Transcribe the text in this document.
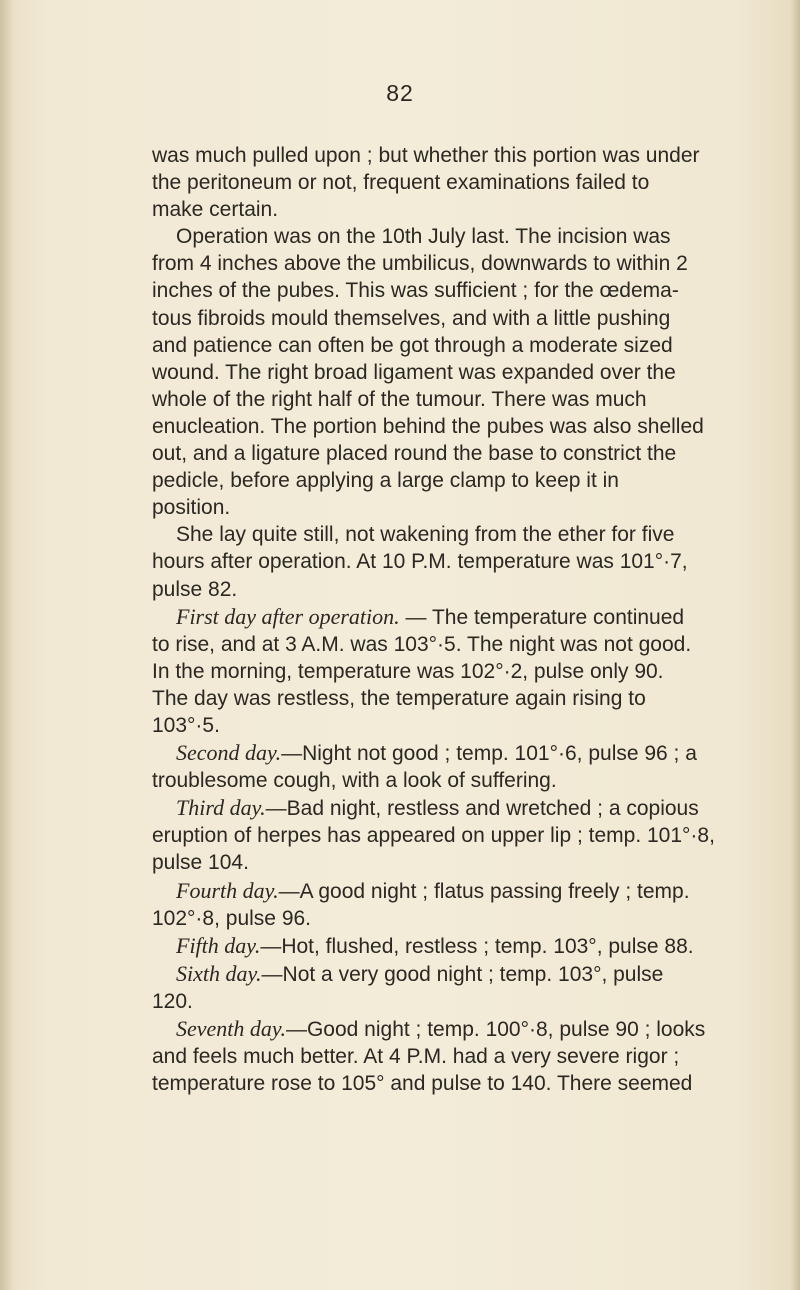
82

was much pulled upon ; but whether this portion was under

the peritoneum or not, frequent examinations failed to

make certain.

Operation was on the 10th July last. The incision was

from 4 inches above the umbilicus, downwards to within 2

inches of the pubes. This was sufficient ; for the œdema-

tous fibroids mould themselves, and with a little pushing

and patience can often be got through a moderate sized

wound. The right broad ligament was expanded over the

whole of the right half of the tumour. There was much

enucleation. The portion behind the pubes was also shelled

out, and a ligature placed round the base to constrict the

pedicle, before applying a large clamp to keep it in

position.

She lay quite still, not wakening from the ether for five

hours after operation. At 10 P.M. temperature was 101°·7,

pulse 82.

First day after operation. — The temperature continued

to rise, and at 3 A.M. was 103°·5. The night was not good.

In the morning, temperature was 102°·2, pulse only 90.

The day was restless, the temperature again rising to

103°·5.

Second day.—Night not good ; temp. 101°·6, pulse 96 ; a

troublesome cough, with a look of suffering.

Third day.—Bad night, restless and wretched ; a copious

eruption of herpes has appeared on upper lip ; temp. 101°·8,

pulse 104.

Fourth day.—A good night ; flatus passing freely ; temp.

102°·8, pulse 96.

Fifth day.—Hot, flushed, restless ; temp. 103°, pulse 88.

Sixth day.—Not a very good night ; temp. 103°, pulse

120.

Seventh day.—Good night ; temp. 100°·8, pulse 90 ; looks

and feels much better. At 4 P.M. had a very severe rigor ;

temperature rose to 105° and pulse to 140. There seemed
